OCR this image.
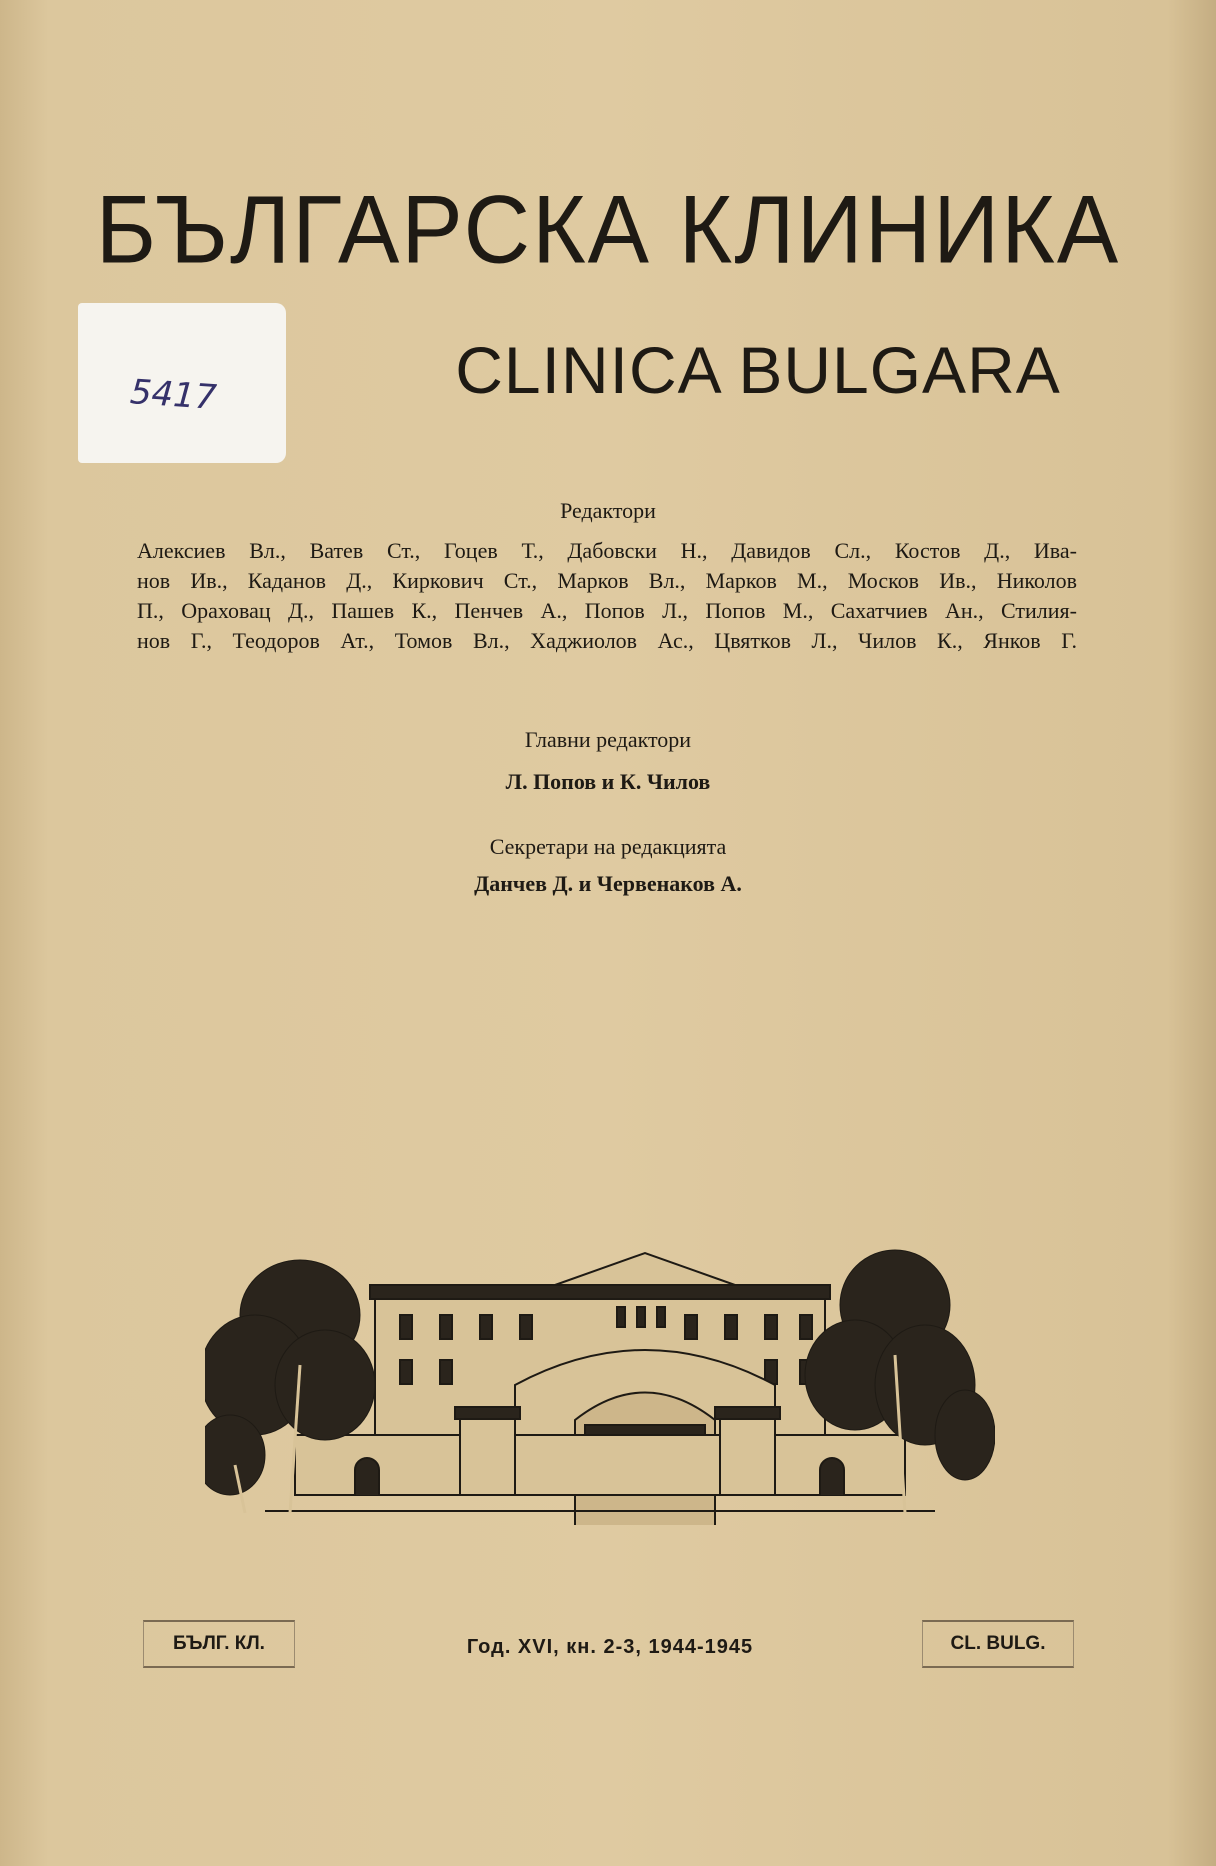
БЪЛГАРСКА КЛИНИКА
5417	CLINICA BULGARA
Редактори
Алексиев Вл., Ватев Ст., Гоцев Т., Дабовски Н., Давидов Сл., Костов Д., Ива-
нов Ив., Каданов Д., Киркович Ст., Марков Вл., Марков М., Москов Ив., Николов
П., Ораховац Д., Пашев К., Пенчев А., Попов Л., Попов М., Сахатчиев Ан., Стилия-
нов Г., Теодоров Ат., Томов Вл., Хаджиолов Ас., Цвятков Л., Чилов К., Янков Г.
Главни редактори
Л. Попов и К. Чилов
Секретари на редакцията
Данчев Д. и Червенаков А.
БЪЛГ. КЛ.	Год. XVI, кн. 2-3, 1944-1945	CL. BULG.
